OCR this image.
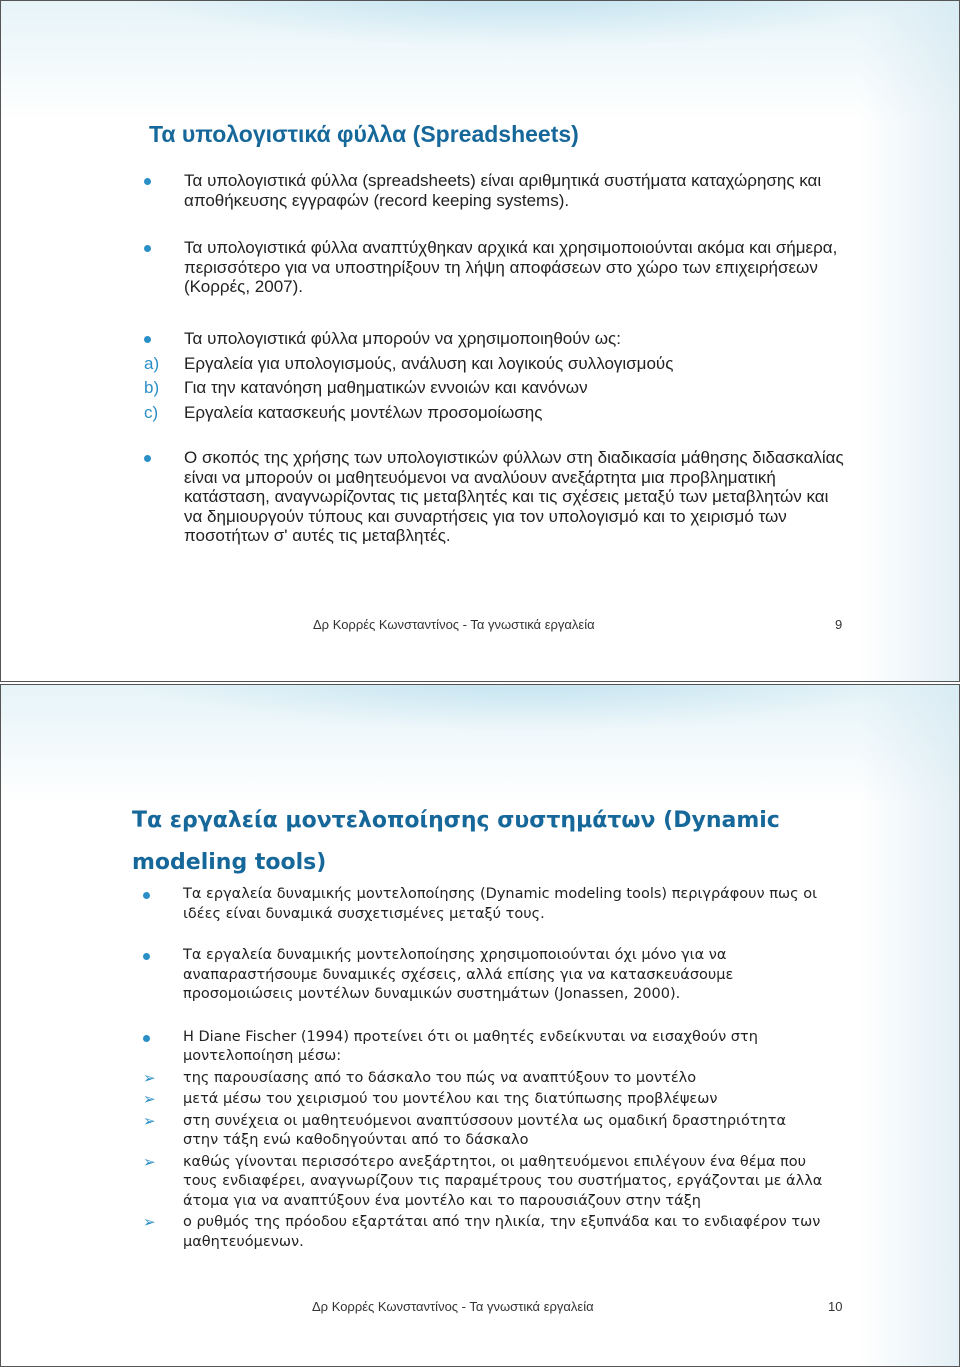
Τα υπολογιστικά φύλλα (Spreadsheets)
Τα υπολογιστικά φύλλα (spreadsheets) είναι αριθμητικά συστήματα καταχώρησης και αποθήκευσης εγγραφών (record keeping systems).
Τα υπολογιστικά φύλλα αναπτύχθηκαν αρχικά και χρησιμοποιούνται ακόμα και σήμερα, περισσότερο για να υποστηρίξουν τη λήψη αποφάσεων στο χώρο των επιχειρήσεων (Κορρές, 2007).
Τα υπολογιστικά φύλλα μπορούν να χρησιμοποιηθούν ως:
a) Εργαλεία για υπολογισμούς, ανάλυση και λογικούς συλλογισμούς
b) Για την κατανόηση μαθηματικών εννοιών και κανόνων
c) Εργαλεία κατασκευής μοντέλων προσομοίωσης
Ο σκοπός της χρήσης των υπολογιστικών φύλλων στη διαδικασία μάθησης διδασκαλίας είναι να μπορούν οι μαθητευόμενοι να αναλύουν ανεξάρτητα μια προβληματική κατάσταση, αναγνωρίζοντας τις μεταβλητές και τις σχέσεις μεταξύ των μεταβλητών και να δημιουργούν τύπους και συναρτήσεις για τον υπολογισμό και το χειρισμό των ποσοτήτων σ' αυτές τις μεταβλητές.
Δρ Κορρές Κωνσταντίνος - Τα γνωστικά εργαλεία	9
Τα εργαλεία μοντελοποίησης συστημάτων (Dynamic modeling tools)
Τα εργαλεία δυναμικής μοντελοποίησης (Dynamic modeling tools) περιγράφουν πως οι ιδέες είναι δυναμικά συσχετισμένες μεταξύ τους.
Τα εργαλεία δυναμικής μοντελοποίησης χρησιμοποιούνται όχι μόνο για να αναπαραστήσουμε δυναμικές σχέσεις, αλλά επίσης για να κατασκευάσουμε προσομοιώσεις μοντέλων δυναμικών συστημάτων (Jonassen, 2000).
Η Diane Fischer (1994) προτείνει ότι οι μαθητές ενδείκνυται να εισαχθούν στη μοντελοποίηση μέσω:
➢ της παρουσίασης από το δάσκαλο του πώς να αναπτύξουν το μοντέλο
➢ μετά μέσω του χειρισμού του μοντέλου και της διατύπωσης προβλέψεων
➢ στη συνέχεια οι μαθητευόμενοι αναπτύσσουν μοντέλα ως ομαδική δραστηριότητα στην τάξη ενώ καθοδηγούνται από το δάσκαλο
➢ καθώς γίνονται περισσότερο ανεξάρτητοι, οι μαθητευόμενοι επιλέγουν ένα θέμα που τους ενδιαφέρει, αναγνωρίζουν τις παραμέτρους του συστήματος, εργάζονται με άλλα άτομα για να αναπτύξουν ένα μοντέλο και το παρουσιάζουν στην τάξη
➢ ο ρυθμός της πρόοδου εξαρτάται από την ηλικία, την εξυπνάδα και το ενδιαφέρον των μαθητευόμενων.
Δρ Κορρές Κωνσταντίνος - Τα γνωστικά εργαλεία	10
